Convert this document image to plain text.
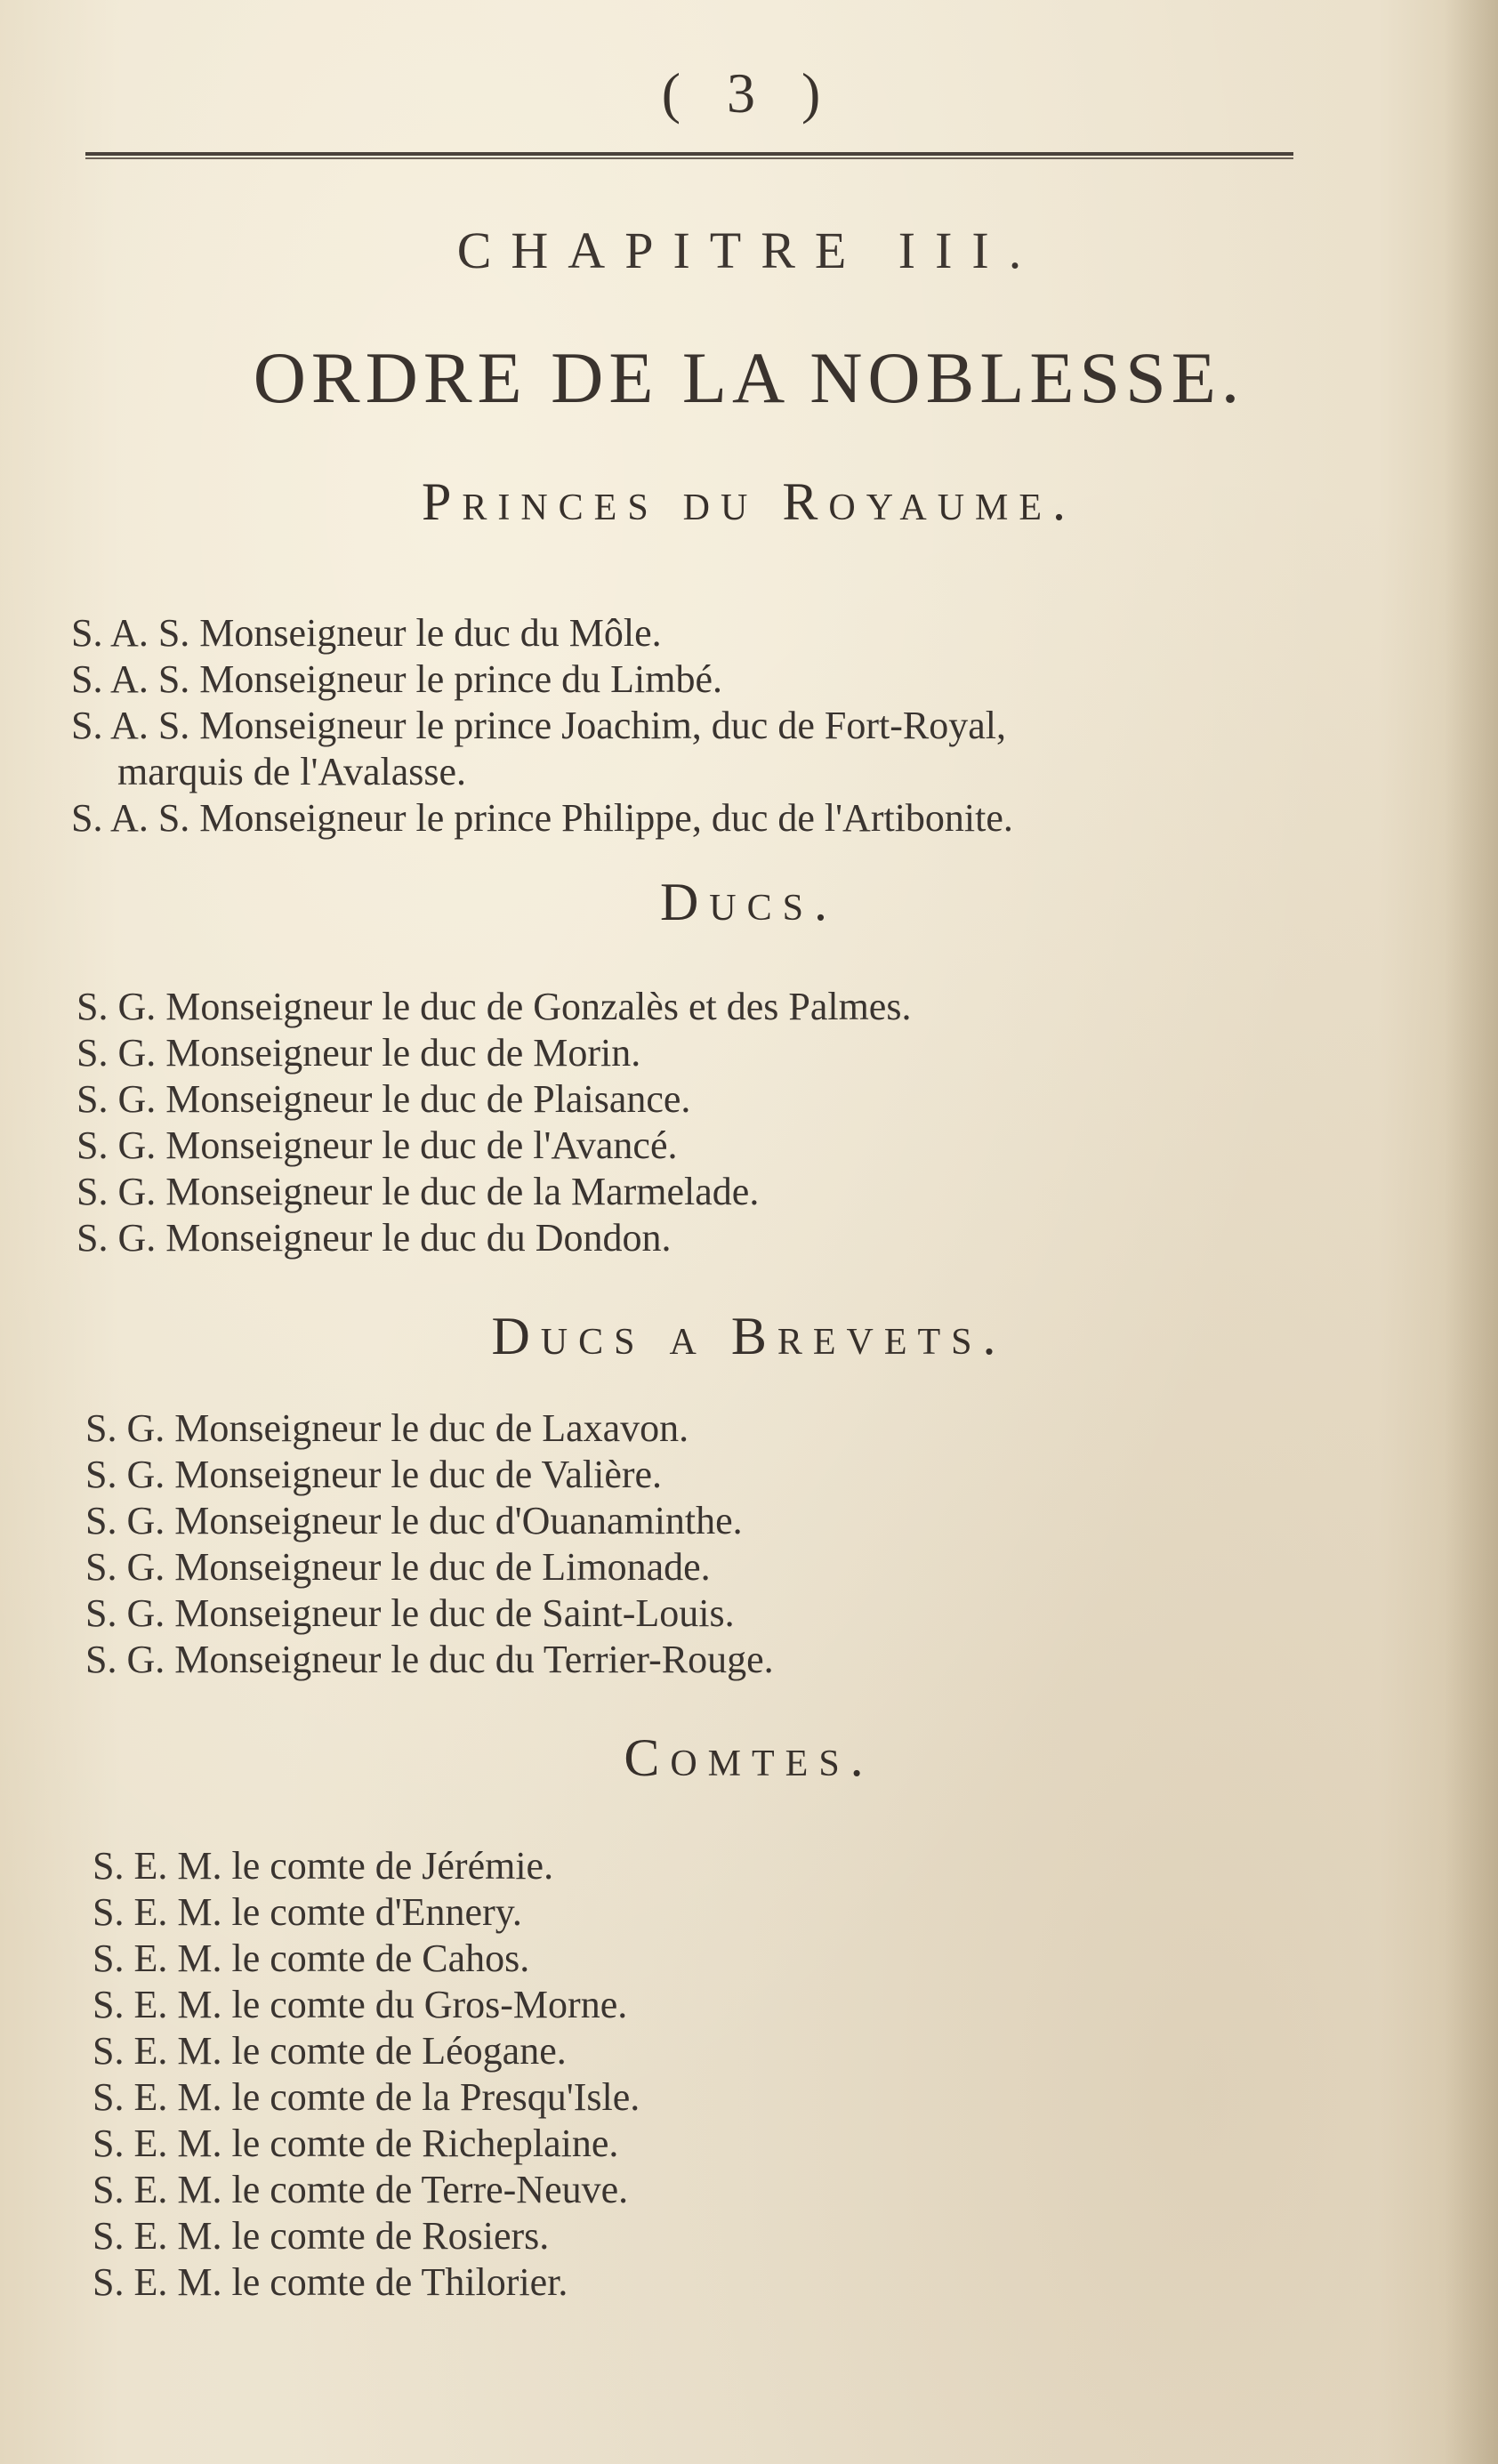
( 3 )
CHAPITRE III.
ORDRE DE LA NOBLESSE.
Princes du Royaume.
S. A. S. Monseigneur le duc du Môle.
S. A. S. Monseigneur le prince du Limbé.
S. A. S. Monseigneur le prince Joachim, duc de Fort-Royal,
marquis de l'Avalasse.
S. A. S. Monseigneur le prince Philippe, duc de l'Artibonite.
Ducs.
S. G. Monseigneur le duc de Gonzalès et des Palmes.
S. G. Monseigneur le duc de Morin.
S. G. Monseigneur le duc de Plaisance.
S. G. Monseigneur le duc de l'Avancé.
S. G. Monseigneur le duc de la Marmelade.
S. G. Monseigneur le duc du Dondon.
Ducs a Brevets.
S. G. Monseigneur le duc de Laxavon.
S. G. Monseigneur le duc de Valière.
S. G. Monseigneur le duc d'Ouanaminthe.
S. G. Monseigneur le duc de Limonade.
S. G. Monseigneur le duc de Saint-Louis.
S. G. Monseigneur le duc du Terrier-Rouge.
Comtes.
S. E. M. le comte de Jérémie.
S. E. M. le comte d'Ennery.
S. E. M. le comte de Cahos.
S. E. M. le comte du Gros-Morne.
S. E. M. le comte de Léogane.
S. E. M. le comte de la Presqu'Isle.
S. E. M. le comte de Richeplaine.
S. E. M. le comte de Terre-Neuve.
S. E. M. le comte de Rosiers.
S. E. M. le comte de Thilorier.
